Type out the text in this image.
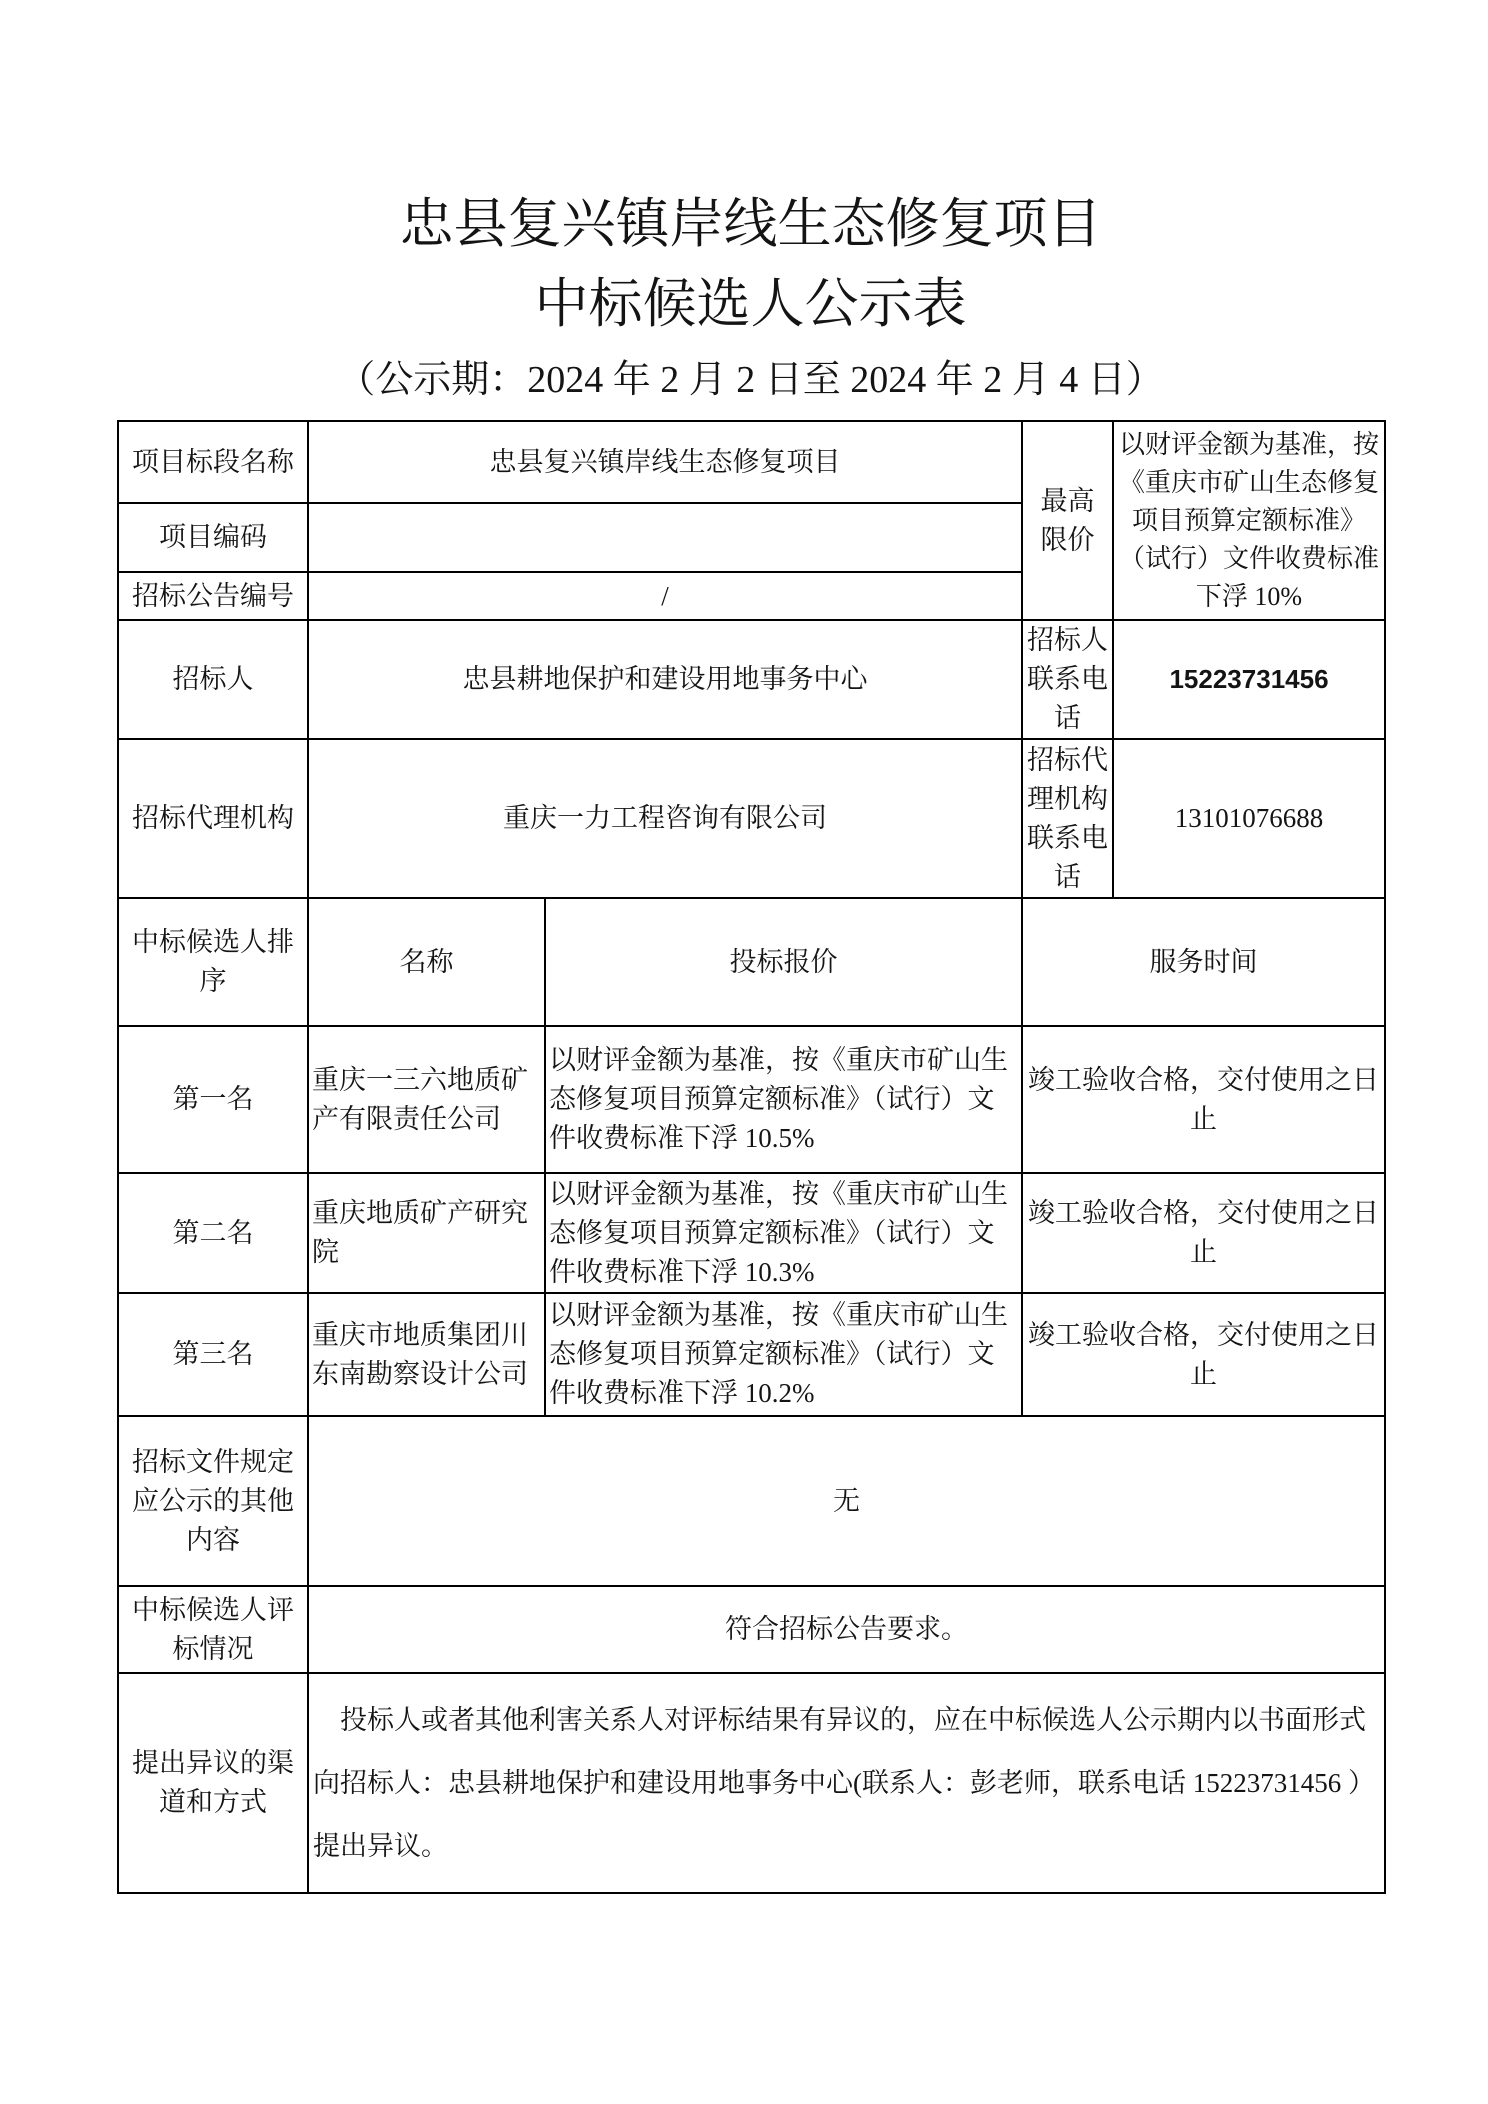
忠县复兴镇岸线生态修复项目
中标候选人公示表
（公示期：2024 年 2 月 2 日至 2024 年 2 月 4 日）
项目标段名称	忠县复兴镇岸线生态修复项目		最高限价	以财评金额为基准，按《重庆市矿山生态修复项目预算定额标准》（试行）文件收费标准下浮 10%
项目编码				
招标公告编号	/			
招标人	忠县耕地保护和建设用地事务中心		招标人联系电话	15223731456
招标代理机构	重庆一力工程咨询有限公司		招标代理机构联系电话	13101076688
中标候选人排序	名称	投标报价	服务时间	
第一名	重庆一三六地质矿产有限责任公司	以财评金额为基准，按《重庆市矿山生态修复项目预算定额标准》（试行）文件收费标准下浮 10.5%	竣工验收合格，交付使用之日止	
第二名	重庆地质矿产研究院	以财评金额为基准，按《重庆市矿山生态修复项目预算定额标准》（试行）文件收费标准下浮 10.3%	竣工验收合格，交付使用之日止	
第三名	重庆市地质集团川东南勘察设计公司	以财评金额为基准，按《重庆市矿山生态修复项目预算定额标准》（试行）文件收费标准下浮 10.2%	竣工验收合格，交付使用之日止	
招标文件规定应公示的其他内容	无			
中标候选人评标情况	符合招标公告要求。			
提出异议的渠道和方式	投标人或者其他利害关系人对评标结果有异议的，应在中标候选人公示期内以书面形式向招标人：忠县耕地保护和建设用地事务中心(联系人：彭老师，联系电话 15223731456 ）提出异议。			
